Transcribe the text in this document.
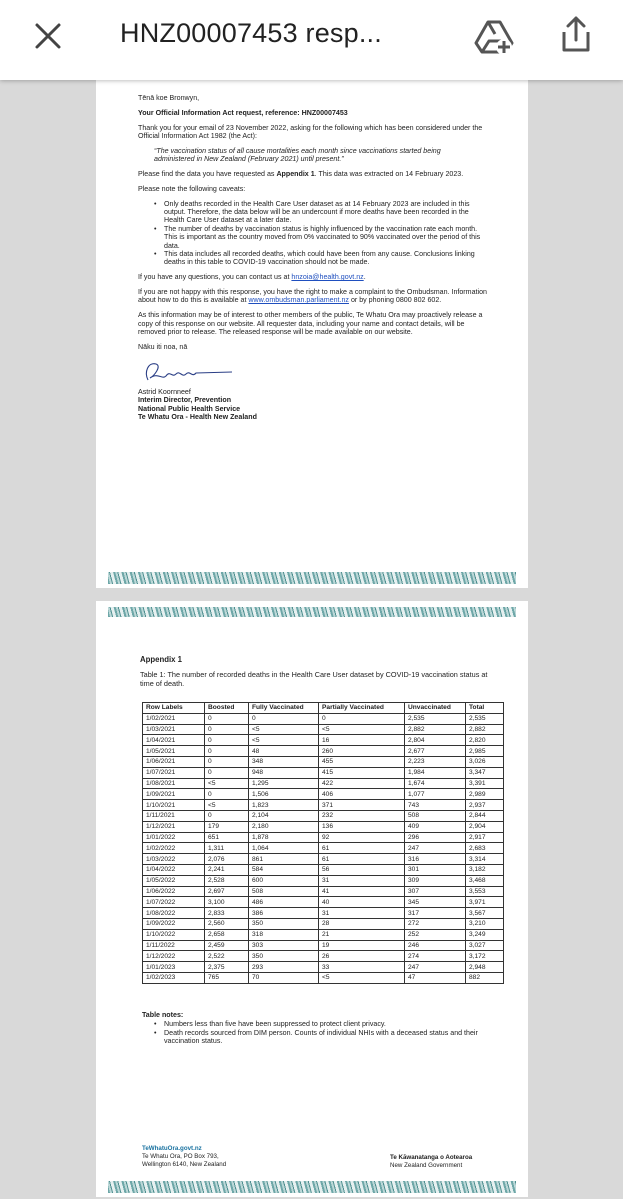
HNZ00007453 resp...

Tēnā koe Bronwyn,

Your Official Information Act request, reference: HNZ00007453

Thank you for your email of 23 November 2022, asking for the following which has been considered under the Official Information Act 1982 (the Act):

“The vaccination status of all cause mortalities each month since vaccinations started being administered in New Zealand (February 2021) until present.”

Please find the data you have requested as Appendix 1. This data was extracted on 14 February 2023.

Please note the following caveats:

• Only deaths recorded in the Health Care User dataset as at 14 February 2023 are included in this output. Therefore, the data below will be an undercount if more deaths have been recorded in the Health Care User dataset at a later date.
• The number of deaths by vaccination status is highly influenced by the vaccination rate each month. This is important as the country moved from 0% vaccinated to 90% vaccinated over the period of this data.
• This data includes all recorded deaths, which could have been from any cause. Conclusions linking deaths in this table to COVID-19 vaccination should not be made.

If you have any questions, you can contact us at hnzoia@health.govt.nz.

If you are not happy with this response, you have the right to make a complaint to the Ombudsman. Information about how to do this is available at www.ombudsman.parliament.nz or by phoning 0800 802 602.

As this information may be of interest to other members of the public, Te Whatu Ora may proactively release a copy of this response on our website. All requester data, including your name and contact details, will be removed prior to release. The released response will be made available on our website.

Nāku iti noa, nā

Astrid Koornneef
Interim Director, Prevention
National Public Health Service
Te Whatu Ora - Health New Zealand
Appendix 1
Table 1: The number of recorded deaths in the Health Care User dataset by COVID-19 vaccination status at time of death.
Row Labels	Boosted	Fully Vaccinated	Partially Vaccinated	Unvaccinated	Total
1/02/2021	0	0	0	2,535	2,535
1/03/2021	0	<5	<5	2,882	2,882
1/04/2021	0	<5	16	2,804	2,820
1/05/2021	0	48	260	2,677	2,985
1/06/2021	0	348	455	2,223	3,026
1/07/2021	0	948	415	1,984	3,347
1/08/2021	<5	1,295	422	1,674	3,391
1/09/2021	0	1,506	406	1,077	2,989
1/10/2021	<5	1,823	371	743	2,937
1/11/2021	0	2,104	232	508	2,844
1/12/2021	179	2,180	136	409	2,904
1/01/2022	651	1,878	92	296	2,917
1/02/2022	1,311	1,064	61	247	2,683
1/03/2022	2,076	861	61	316	3,314
1/04/2022	2,241	584	56	301	3,182
1/05/2022	2,528	600	31	309	3,468
1/06/2022	2,697	508	41	307	3,553
1/07/2022	3,100	486	40	345	3,971
1/08/2022	2,833	386	31	317	3,567
1/09/2022	2,560	350	28	272	3,210
1/10/2022	2,658	318	21	252	3,249
1/11/2022	2,459	303	19	246	3,027
1/12/2022	2,522	350	26	274	3,172
1/01/2023	2,375	293	33	247	2,948
1/02/2023	765	70	<5	47	882
Table notes:
• Numbers less than five have been suppressed to protect client privacy.
• Death records sourced from DIM person. Counts of individual NHIs with a deceased status and their vaccination status.
TeWhatuOra.govt.nz
Te Whatu Ora, PO Box 793,
Wellington 6140, New Zealand
Te Kāwanatanga o Aotearoa
New Zealand Government
